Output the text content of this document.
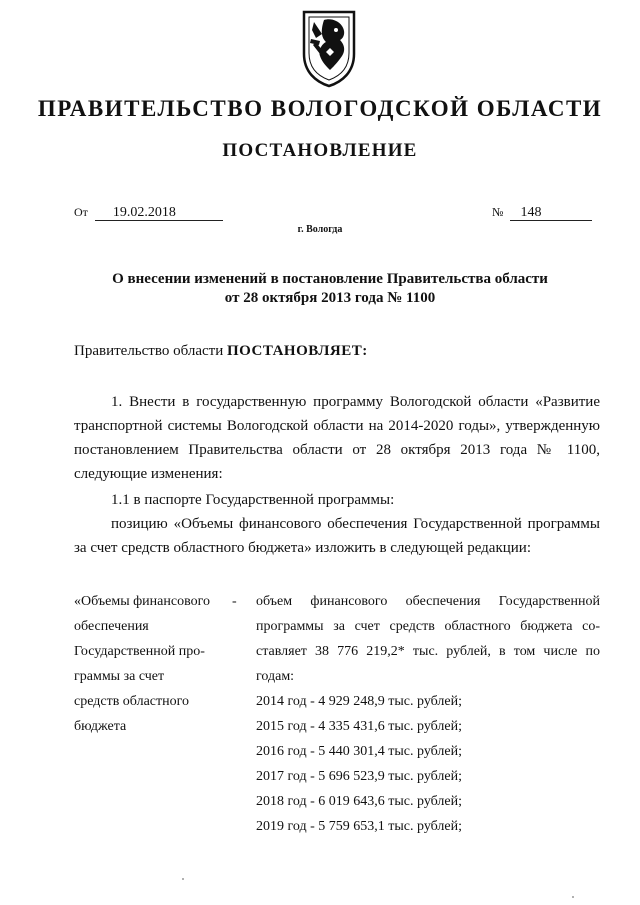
ПРАВИТЕЛЬСТВО ВОЛОГОДСКОЙ ОБЛАСТИ
ПОСТАНОВЛЕНИЕ
От 19.02.2018	№ 148
г. Вологда
О внесении изменений в постановление Правительства области
от 28 октября 2013 года № 1100
Правительство области ПОСТАНОВЛЯЕТ:
1. Внести в государственную программу Вологодской области «Развитие транспортной системы Вологодской области на 2014-2020 годы», утвержденную постановлением Правительства области от 28 октября 2013 года № 1100, следующие изменения:
1.1 в паспорте Государственной программы:
позицию «Объемы финансового обеспечения Государственной программы за счет средств областного бюджета» изложить в следующей редакции:
«Объемы финансового
обеспечения
Государственной про-
граммы за счет
средств областного
бюджета
- объем финансового обеспечения Государственной
программы за счет средств областного бюджета со-
ставляет 38 776 219,2* тыс. рублей, в том числе по
годам:
2014 год - 4 929 248,9 тыс. рублей;
2015 год - 4 335 431,6 тыс. рублей;
2016 год - 5 440 301,4 тыс. рублей;
2017 год - 5 696 523,9 тыс. рублей;
2018 год - 6 019 643,6 тыс. рублей;
2019 год - 5 759 653,1 тыс. рублей;
